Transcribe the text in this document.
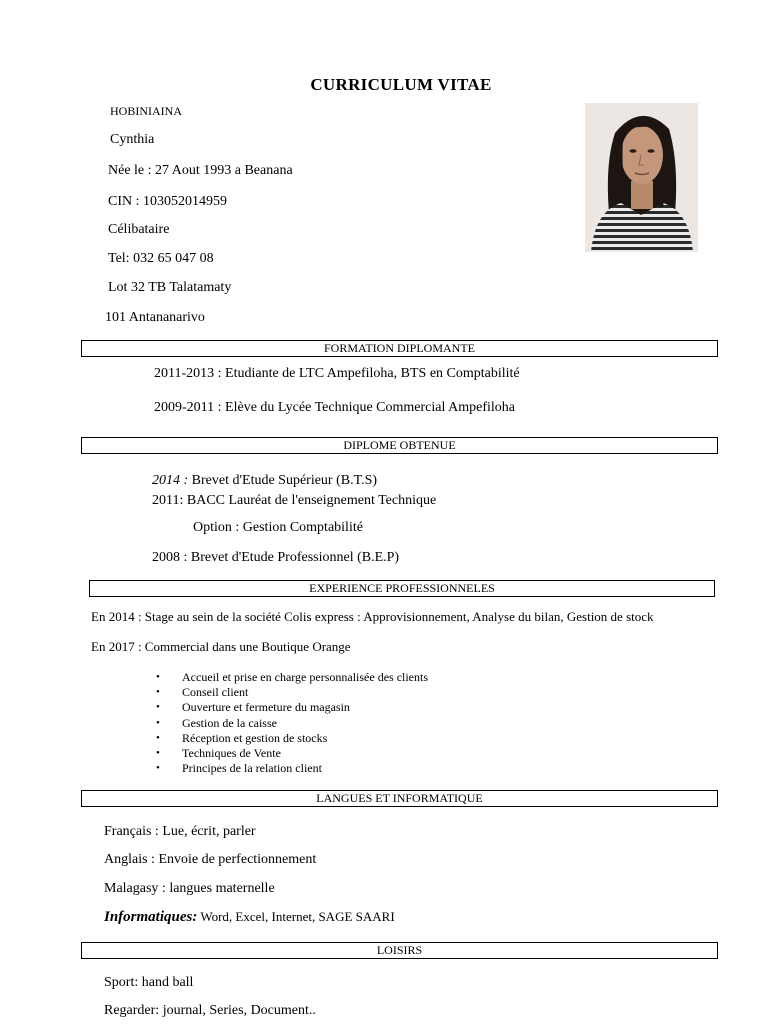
CURRICULUM VITAE
HOBINIAINA
Cynthia
Née le : 27 Aout 1993 a Beanana
CIN : 103052014959
Célibataire
Tel: 032 65 047 08
Lot 32 TB Talatamaty
101 Antananarivo
FORMATION DIPLOMANTE
2011-2013 : Etudiante de LTC Ampefiloha, BTS en Comptabilité
2009-2011 : Elève du Lycée Technique Commercial Ampefiloha
DIPLOME OBTENUE
2014 : Brevet d'Etude Supérieur (B.T.S)
2011: BACC Lauréat de l'enseignement Technique
Option : Gestion Comptabilité
2008 : Brevet d'Etude Professionnel (B.E.P)
EXPERIENCE PROFESSIONNELES
En 2014 : Stage au sein de la société Colis express : Approvisionnement, Analyse du bilan, Gestion de stock
En 2017 : Commercial dans une Boutique Orange
• Accueil et prise en charge personnalisée des clients
• Conseil client
• Ouverture et fermeture du magasin
• Gestion de la caisse
• Réception et gestion de stocks
• Techniques de Vente
• Principes de la relation client
LANGUES ET INFORMATIQUE
Français : Lue, écrit, parler
Anglais : Envoie de perfectionnement
Malagasy : langues maternelle
Informatiques: Word, Excel, Internet, SAGE SAARI
LOISIRS
Sport: hand ball
Regarder: journal, Series, Document..
